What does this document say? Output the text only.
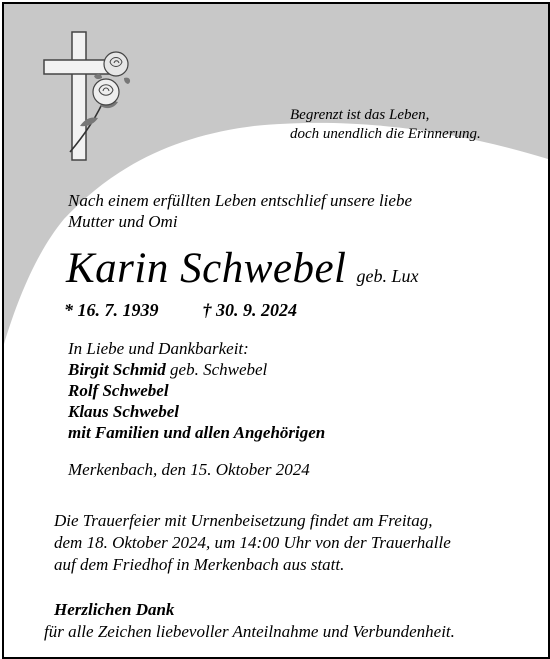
Begrenzt ist das Leben,
doch unendlich die Erinnerung.
Nach einem erfüllten Leben entschlief unsere liebe
Mutter und Omi
Karin Schwebel geb. Lux
* 16. 7. 1939 † 30. 9. 2024
In Liebe und Dankbarkeit:
Birgit Schmid geb. Schwebel
Rolf Schwebel
Klaus Schwebel
mit Familien und allen Angehörigen
Merkenbach, den 15. Oktober 2024
Die Trauerfeier mit Urnenbeisetzung findet am Freitag,
dem 18. Oktober 2024, um 14:00 Uhr von der Trauerhalle
auf dem Friedhof in Merkenbach aus statt.
Herzlichen Dank
für alle Zeichen liebevoller Anteilnahme und Verbundenheit.
